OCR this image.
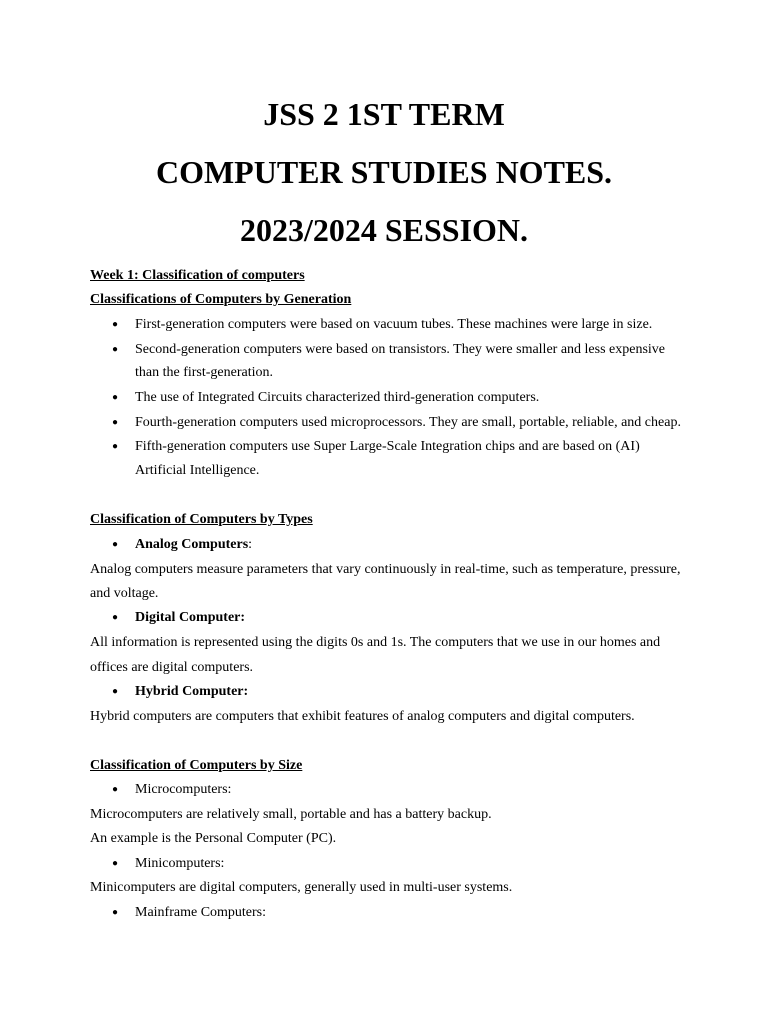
JSS 2 1ST TERM
COMPUTER STUDIES NOTES.
2023/2024 SESSION.
Week 1: Classification of computers
Classifications of Computers by Generation
● First-generation computers were based on vacuum tubes. These machines were large in size.
● Second-generation computers were based on transistors. They were smaller and less expensive
than the first-generation.
● The use of Integrated Circuits characterized third-generation computers.
● Fourth-generation computers used microprocessors. They are small, portable, reliable, and cheap.
● Fifth-generation computers use Super Large-Scale Integration chips and are based on (AI)
Artificial Intelligence.
Classification of Computers by Types
● Analog Computers:
Analog computers measure parameters that vary continuously in real-time, such as temperature, pressure,
and voltage.
● Digital Computer:
All information is represented using the digits 0s and 1s. The computers that we use in our homes and
offices are digital computers.
● Hybrid Computer:
Hybrid computers are computers that exhibit features of analog computers and digital computers.
Classification of Computers by Size
● Microcomputers:
Microcomputers are relatively small, portable and has a battery backup.
An example is the Personal Computer (PC).
● Minicomputers:
Minicomputers are digital computers, generally used in multi-user systems.
● Mainframe Computers:
